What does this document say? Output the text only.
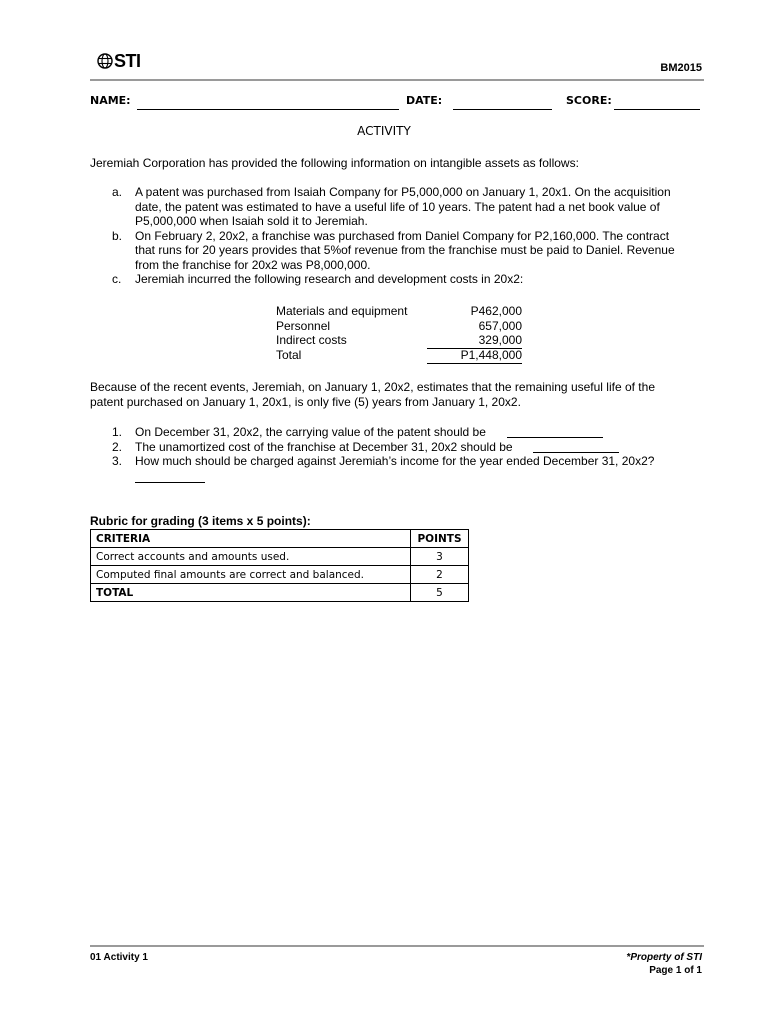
STI	BM2015
NAME:	DATE:	SCORE:
ACTIVITY
Jeremiah Corporation has provided the following information on intangible assets as follows:
a. A patent was purchased from Isaiah Company for P5,000,000 on January 1, 20x1. On the acquisition
date, the patent was estimated to have a useful life of 10 years. The patent had a net book value of
P5,000,000 when Isaiah sold it to Jeremiah.
b. On February 2, 20x2, a franchise was purchased from Daniel Company for P2,160,000. The contract
that runs for 20 years provides that 5%of revenue from the franchise must be paid to Daniel. Revenue
from the franchise for 20x2 was P8,000,000.
c. Jeremiah incurred the following research and development costs in 20x2:
Materials and equipment	P462,000
Personnel	657,000
Indirect costs	329,000
Total	P1,448,000
Because of the recent events, Jeremiah, on January 1, 20x2, estimates that the remaining useful life of the
patent purchased on January 1, 20x1, is only five (5) years from January 1, 20x2.
1. On December 31, 20x2, the carrying value of the patent should be
2. The unamortized cost of the franchise at December 31, 20x2 should be
3. How much should be charged against Jeremiah’s income for the year ended December 31, 20x2?
Rubric for grading (3 items x 5 points):
CRITERIA	POINTS
Correct accounts and amounts used.	3
Computed final amounts are correct and balanced.	2
TOTAL	5
01 Activity 1	*Property of STI
Page 1 of 1
